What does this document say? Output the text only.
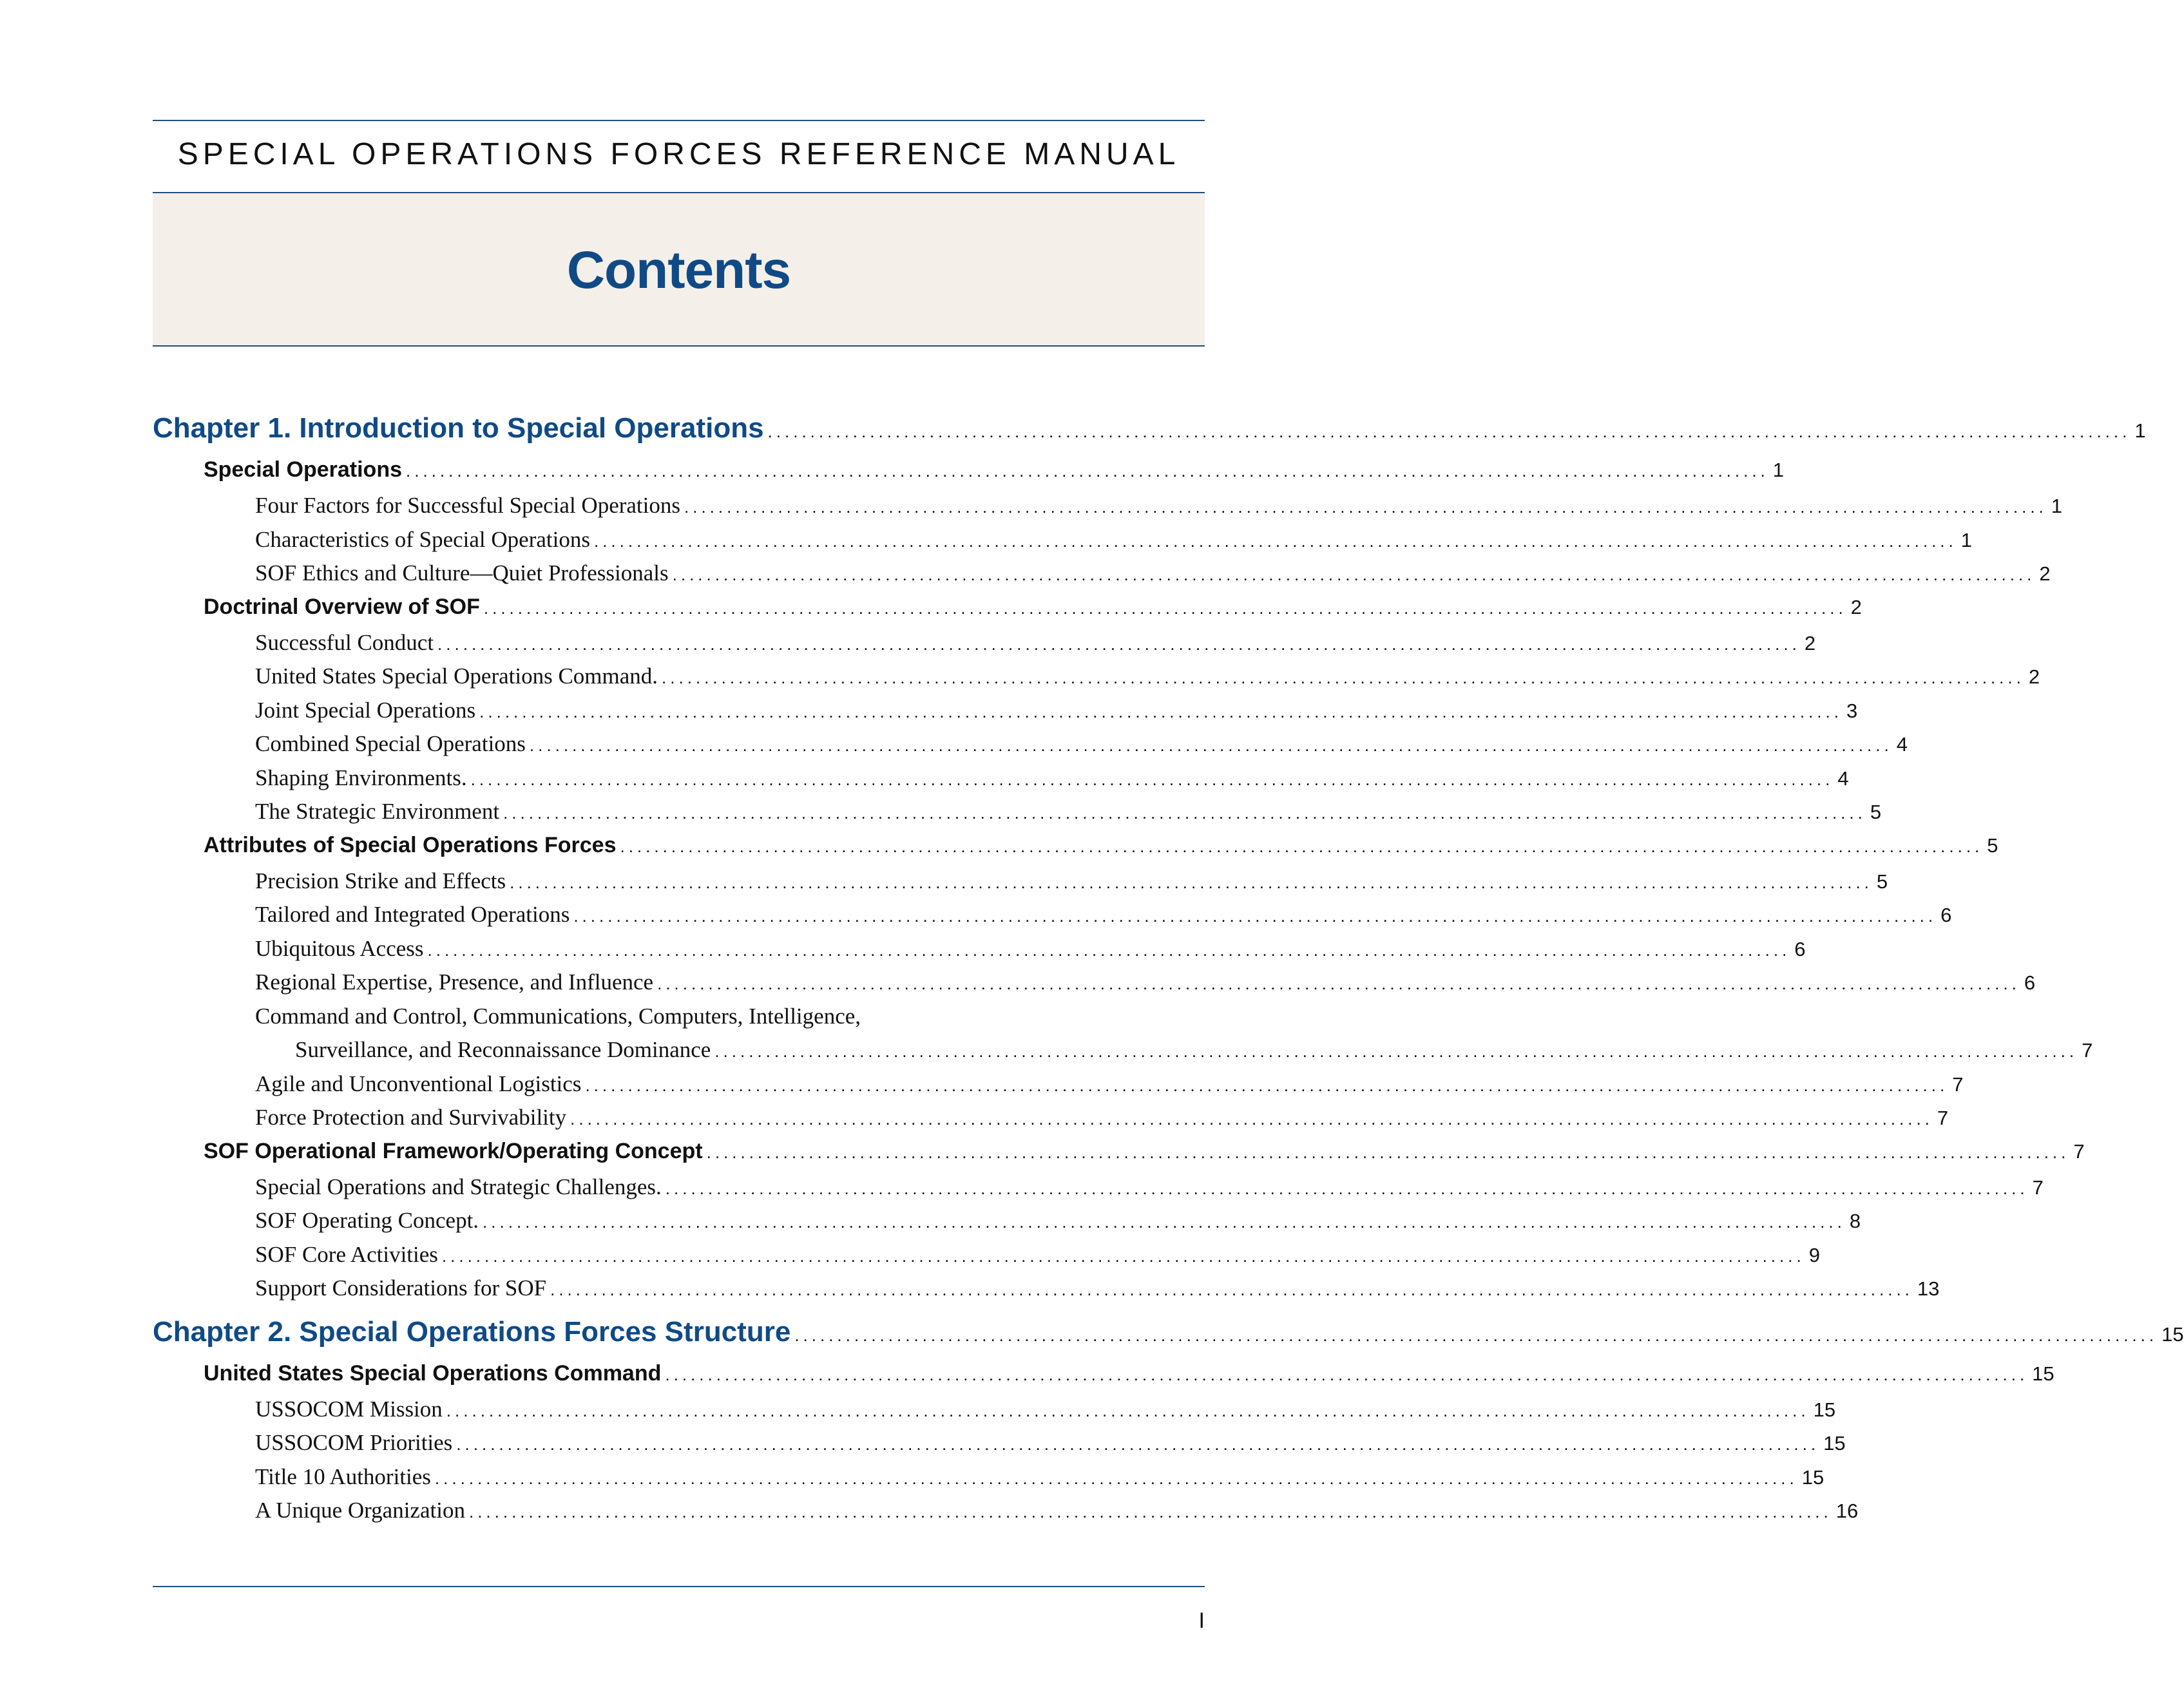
SPECIAL OPERATIONS FORCES REFERENCE MANUAL
Contents
Chapter 1. Introduction to Special Operations ................................................................................................................................................................ 1
Special Operations ................................................................................................................................................................ 1
Four Factors for Successful Special Operations ................................................................................................................................................................ 1
Characteristics of Special Operations ................................................................................................................................................................ 1
SOF Ethics and Culture—Quiet Professionals ................................................................................................................................................................ 2
Doctrinal Overview of SOF ................................................................................................................................................................ 2
Successful Conduct ................................................................................................................................................................ 2
United States Special Operations Command. ................................................................................................................................................................ 2
Joint Special Operations ................................................................................................................................................................ 3
Combined Special Operations ................................................................................................................................................................ 4
Shaping Environments. ................................................................................................................................................................ 4
The Strategic Environment ................................................................................................................................................................ 5
Attributes of Special Operations Forces ................................................................................................................................................................ 5
Precision Strike and Effects ................................................................................................................................................................ 5
Tailored and Integrated Operations ................................................................................................................................................................ 6
Ubiquitous Access ................................................................................................................................................................ 6
Regional Expertise, Presence, and Influence ................................................................................................................................................................ 6
Command and Control, Communications, Computers, Intelligence,
Surveillance, and Reconnaissance Dominance ................................................................................................................................................................ 7
Agile and Unconventional Logistics ................................................................................................................................................................ 7
Force Protection and Survivability ................................................................................................................................................................ 7
SOF Operational Framework/Operating Concept ................................................................................................................................................................ 7
Special Operations and Strategic Challenges. ................................................................................................................................................................ 7
SOF Operating Concept. ................................................................................................................................................................ 8
SOF Core Activities ................................................................................................................................................................ 9
Support Considerations for SOF ................................................................................................................................................................ 13
Chapter 2. Special Operations Forces Structure ................................................................................................................................................................ 15
United States Special Operations Command ................................................................................................................................................................ 15
USSOCOM Mission ................................................................................................................................................................ 15
USSOCOM Priorities ................................................................................................................................................................ 15
Title 10 Authorities ................................................................................................................................................................ 15
A Unique Organization ................................................................................................................................................................ 16
I
